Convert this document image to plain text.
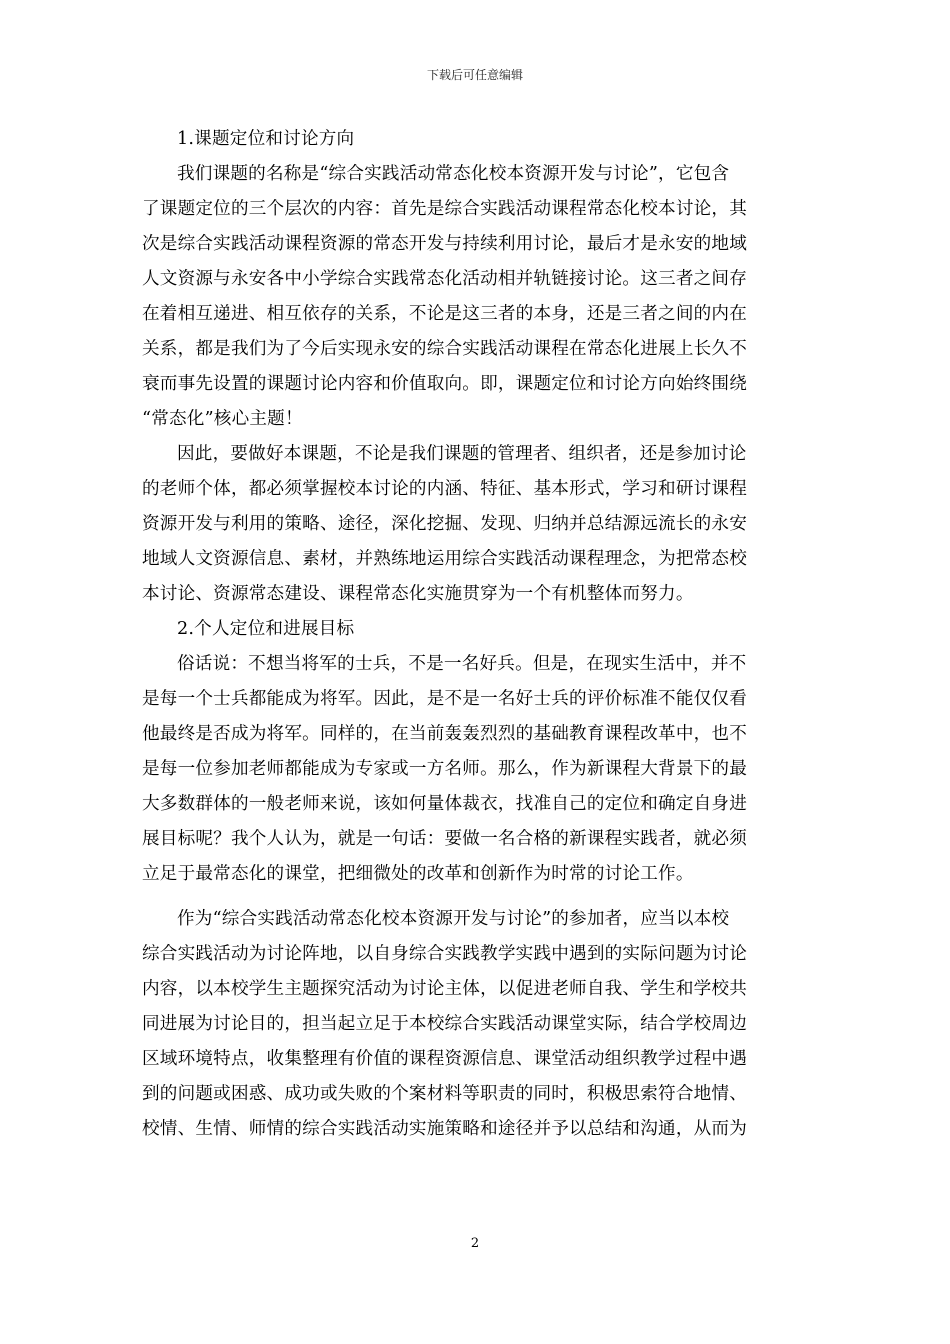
下载后可任意编辑
1.课题定位和讨论方向
我们课题的名称是“综合实践活动常态化校本资源开发与讨论”，它包含
了课题定位的三个层次的内容：首先是综合实践活动课程常态化校本讨论，其
次是综合实践活动课程资源的常态开发与持续利用讨论，最后才是永安的地域
人文资源与永安各中小学综合实践常态化活动相并轨链接讨论。这三者之间存
在着相互递进、相互依存的关系，不论是这三者的本身，还是三者之间的内在
关系，都是我们为了今后实现永安的综合实践活动课程在常态化进展上长久不
衰而事先设置的课题讨论内容和价值取向。即，课题定位和讨论方向始终围绕
“常态化”核心主题！
因此，要做好本课题，不论是我们课题的管理者、组织者，还是参加讨论
的老师个体，都必须掌握校本讨论的内涵、特征、基本形式，学习和研讨课程
资源开发与利用的策略、途径，深化挖掘、发现、归纳并总结源远流长的永安
地域人文资源信息、素材，并熟练地运用综合实践活动课程理念，为把常态校
本讨论、资源常态建设、课程常态化实施贯穿为一个有机整体而努力。
2.个人定位和进展目标
俗话说：不想当将军的士兵，不是一名好兵。但是，在现实生活中，并不
是每一个士兵都能成为将军。因此，是不是一名好士兵的评价标准不能仅仅看
他最终是否成为将军。同样的，在当前轰轰烈烈的基础教育课程改革中，也不
是每一位参加老师都能成为专家或一方名师。那么，作为新课程大背景下的最
大多数群体的一般老师来说，该如何量体裁衣，找准自己的定位和确定自身进
展目标呢？我个人认为，就是一句话：要做一名合格的新课程实践者，就必须
立足于最常态化的课堂，把细微处的改革和创新作为时常的讨论工作。
作为“综合实践活动常态化校本资源开发与讨论”的参加者，应当以本校
综合实践活动为讨论阵地，以自身综合实践教学实践中遇到的实际问题为讨论
内容，以本校学生主题探究活动为讨论主体，以促进老师自我、学生和学校共
同进展为讨论目的，担当起立足于本校综合实践活动课堂实际，结合学校周边
区域环境特点，收集整理有价值的课程资源信息、课堂活动组织教学过程中遇
到的问题或困惑、成功或失败的个案材料等职责的同时，积极思索符合地情、
校情、生情、师情的综合实践活动实施策略和途径并予以总结和沟通，从而为
2
